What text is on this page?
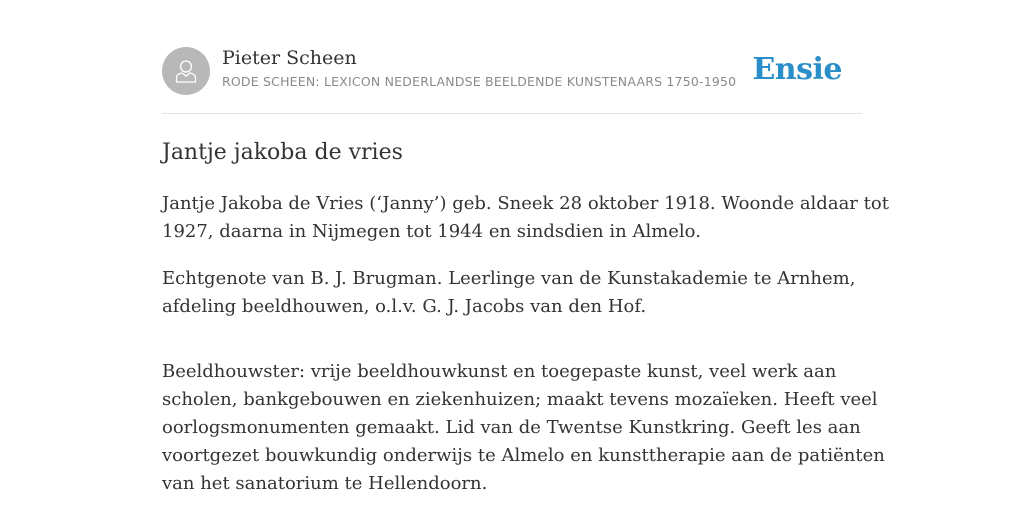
Pieter Scheen
RODE SCHEEN: LEXICON NEDERLANDSE BEELDENDE KUNSTENAARS 1750-1950 Ensie
Jantje jakoba de vries

Jantje Jakoba de Vries (‘Janny’) geb. Sneek 28 oktober 1918. Woonde aldaar tot
1927, daarna in Nijmegen tot 1944 en sindsdien in Almelo.

Echtgenote van B. J. Brugman. Leerlinge van de Kunstakademie te Arnhem,
afdeling beeldhouwen, o.l.v. G. J. Jacobs van den Hof.

Beeldhouwster: vrije beeldhouwkunst en toegepaste kunst, veel werk aan
scholen, bankgebouwen en ziekenhuizen; maakt tevens mozaïeken. Heeft veel
oorlogsmonumenten gemaakt. Lid van de Twentse Kunstkring. Geeft les aan
voortgezet bouwkundig onderwijs te Almelo en kunsttherapie aan de patiënten
van het sanatorium te Hellendoorn.
